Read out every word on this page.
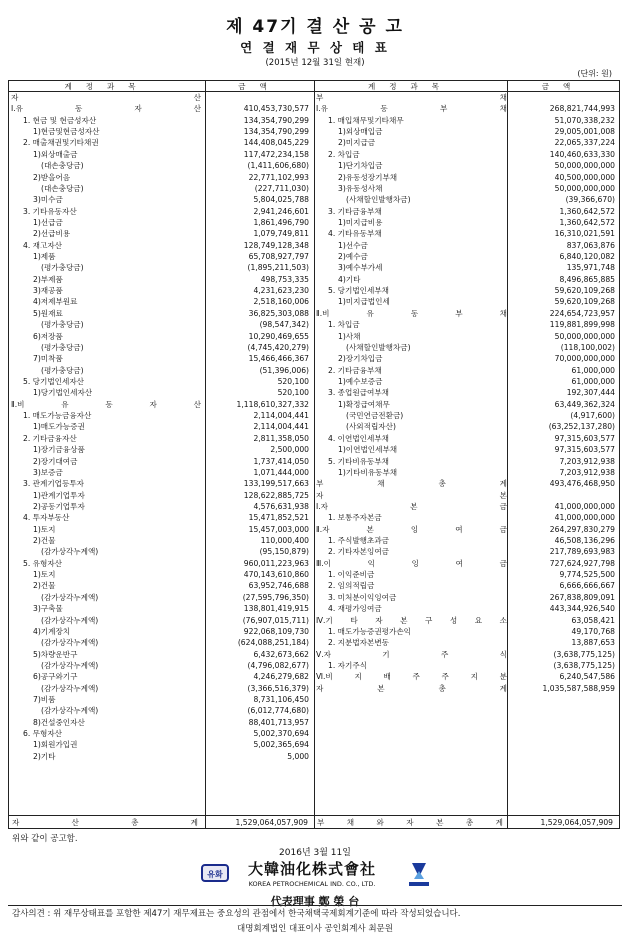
제 47기 결 산 공 고
연 결 재 무 상 태 표
(2015년 12월 31일 현재)
(단위: 원)
계정과목	금액	계정과목	금액
자	산
Ⅰ.유	동	자	산	410,453,730,577
1. 현금 및 현금성자산	134,354,790,299
1)현금및현금성자산	134,354,790,299
2. 매출채권및기타채권	144,408,045,229
1)외상매출금	117,472,234,158
(대손충당금)	(1,411,606,680)
2)받을어음	22,771,102,993
(대손충당금)	(227,711,030)
3)미수금	5,804,025,788
3. 기타유동자산	2,941,246,601
1)선급금	1,861,496,790
2)선급비용	1,079,749,811
4. 재고자산	128,749,128,348
1)제품	65,708,927,797
(평가충당금)	(1,895,211,503)
2)부제품	498,753,335
3)재공품	4,231,623,230
4)저제부원료	2,518,160,006
5)원재료	36,825,303,088
(평가충당금)	(98,547,342)
6)저장품	10,290,469,655
(평가충당금)	(4,745,420,279)
7)미착품	15,466,466,367
(평가충당금)	(51,396,006)
5. 당기법인세자산	520,100
1)당기법인세자산	520,100
Ⅱ.비	유	동	자	산	1,118,610,327,332
1. 매도가능금융자산	2,114,004,441
1)매도가능증권	2,114,004,441
2. 기타금융자산	2,811,358,050
1)장기금융상품	2,500,000
2)장기대여금	1,737,414,050
3)보증금	1,071,444,000
3. 관계기업등투자	133,199,517,663
1)관계기업투자	128,622,885,725
2)공동기업투자	4,576,631,938
4. 투자부동산	15,471,852,521
1)토지	15,457,003,000
2)건물	110,000,400
(감가상각누계액)	(95,150,879)
5. 유형자산	960,011,223,963
1)토지	470,143,610,860
2)건물	63,952,746,688
(감가상각누계액)	(27,595,796,350)
3)구축물	138,801,419,915
(감가상각누계액)	(76,907,015,711)
4)기계장치	922,068,109,730
(감가상각누계액)	(624,088,251,184)
5)차량운반구	6,432,673,662
(감가상각누계액)	(4,796,082,677)
6)공구와기구	4,246,279,682
(감가상각누계액)	(3,366,516,379)
7)비품	8,731,106,450
(감가상각누계액)	(6,012,774,680)
8)건설중인자산	88,401,713,957
6. 무형자산	5,002,370,694
1)회원가입권	5,002,365,694
2)기타	5,000
부	채
Ⅰ.유	동	부	채	268,821,744,993
1. 매입채무및기타채무	51,070,338,232
1)외상매입금	29,005,001,008
2)미지급금	22,065,337,224
2. 차입금	140,460,633,330
1)단기차입금	50,000,000,000
2)유동성장기부채	40,500,000,000
3)유동성사채	50,000,000,000
(사채할인발행차금)	(39,366,670)
3. 기타금융부채	1,360,642,572
1)미지급비용	1,360,642,572
4. 기타유동부채	16,310,021,591
1)선수금	837,063,876
2)예수금	6,840,120,082
3)예수부가세	135,971,748
4)기타	8,496,865,885
5. 당기법인세부채	59,620,109,268
1)미지급법인세	59,620,109,268
Ⅱ.비	유	동	부	채	224,654,723,957
1. 차입금	119,881,899,998
1)사채	50,000,000,000
(사채할인발행차금)	(118,100,002)
2)장기차입금	70,000,000,000
2. 기타금융부채	61,000,000
1)예수보증금	61,000,000
3. 종업원급여부채	192,307,444
1)확정급여채무	63,449,362,324
(국민연금전환금)	(4,917,600)
(사외적립자산)	(63,252,137,280)
4. 이연법인세부채	97,315,603,577
1)이연법인세부채	97,315,603,577
5. 기타비유동부채	7,203,912,938
1)기타비유동부채	7,203,912,938
부	채	총	계	493,476,468,950
자	본
Ⅰ.자	본	금	41,000,000,000
1. 보통주자본금	41,000,000,000
Ⅱ.자	본	잉	여	금	264,297,830,279
1. 주식발행초과금	46,508,136,296
2. 기타자본잉여금	217,789,693,983
Ⅲ.이	익	잉	여	금	727,624,927,798
1. 이익준비금	9,774,525,500
2. 임의적립금	6,666,666,667
3. 미처분이익잉여금	267,838,809,091
4. 재평가잉여금	443,344,926,540
Ⅳ.기 타 자 본 구 성 요 소	63,058,421
1. 매도가능증권평가손익	49,170,768
2. 지분법자본변동	13,887,653
Ⅴ.자	기	주	식	(3,638,775,125)
1. 자기주식	(3,638,775,125)
Ⅵ.비	지	배	주	주	지	분	6,240,547,586
자	본	총	계	1,035,587,588,959
자	산	총	계	1,529,064,057,909 부	채	와	자	본	총	계	1,529,064,057,909
위와 같이 공고함.
2016년 3월 11일
유화 大韓油化株式會社
KOREA PETROCHEMICAL IND. CO., LTD.
代表理事 鄭 榮 台
감사의견 : 위 재무상태표를 포함한 제47기 재무제표는 중요성의 관점에서 한국채택국제회계기준에 따라 작성되었습니다.
대명회계법인 대표이사 공인회계사 최문원
